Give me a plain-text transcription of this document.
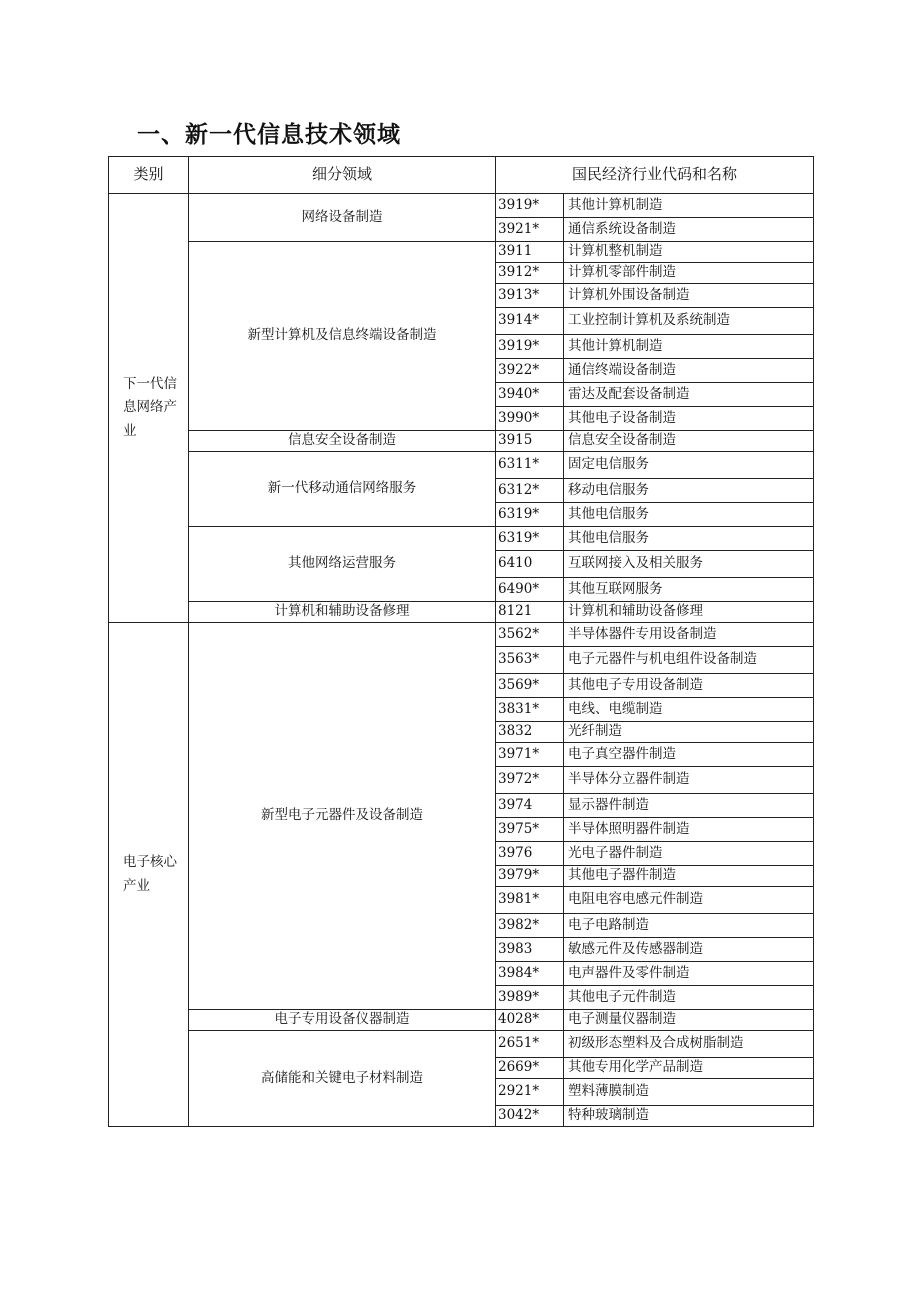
一、新一代信息技术领域
类别	细分领域	国民经济行业代码和名称	
下一代信息网络产业	网络设备制造	3919*	其他计算机制造
		3921*	通信系统设备制造
	新型计算机及信息终端设备制造	3911	计算机整机制造
		3912*	计算机零部件制造
		3913*	计算机外围设备制造
		3914*	工业控制计算机及系统制造
		3919*	其他计算机制造
		3922*	通信终端设备制造
		3940*	雷达及配套设备制造
		3990*	其他电子设备制造
	信息安全设备制造	3915	信息安全设备制造
	新一代移动通信网络服务	6311*	固定电信服务
		6312*	移动电信服务
		6319*	其他电信服务
	其他网络运营服务	6319*	其他电信服务
		6410	互联网接入及相关服务
		6490*	其他互联网服务
	计算机和辅助设备修理	8121	计算机和辅助设备修理
电子核心产业	新型电子元器件及设备制造	3562*	半导体器件专用设备制造
		3563*	电子元器件与机电组件设备制造
		3569*	其他电子专用设备制造
		3831*	电线、电缆制造
		3832	光纤制造
		3971*	电子真空器件制造
		3972*	半导体分立器件制造
		3974	显示器件制造
		3975*	半导体照明器件制造
		3976	光电子器件制造
		3979*	其他电子器件制造
		3981*	电阻电容电感元件制造
		3982*	电子电路制造
		3983	敏感元件及传感器制造
		3984*	电声器件及零件制造
		3989*	其他电子元件制造
	电子专用设备仪器制造	4028*	电子测量仪器制造
	高储能和关键电子材料制造	2651*	初级形态塑料及合成树脂制造
		2669*	其他专用化学产品制造
		2921*	塑料薄膜制造
		3042*	特种玻璃制造
